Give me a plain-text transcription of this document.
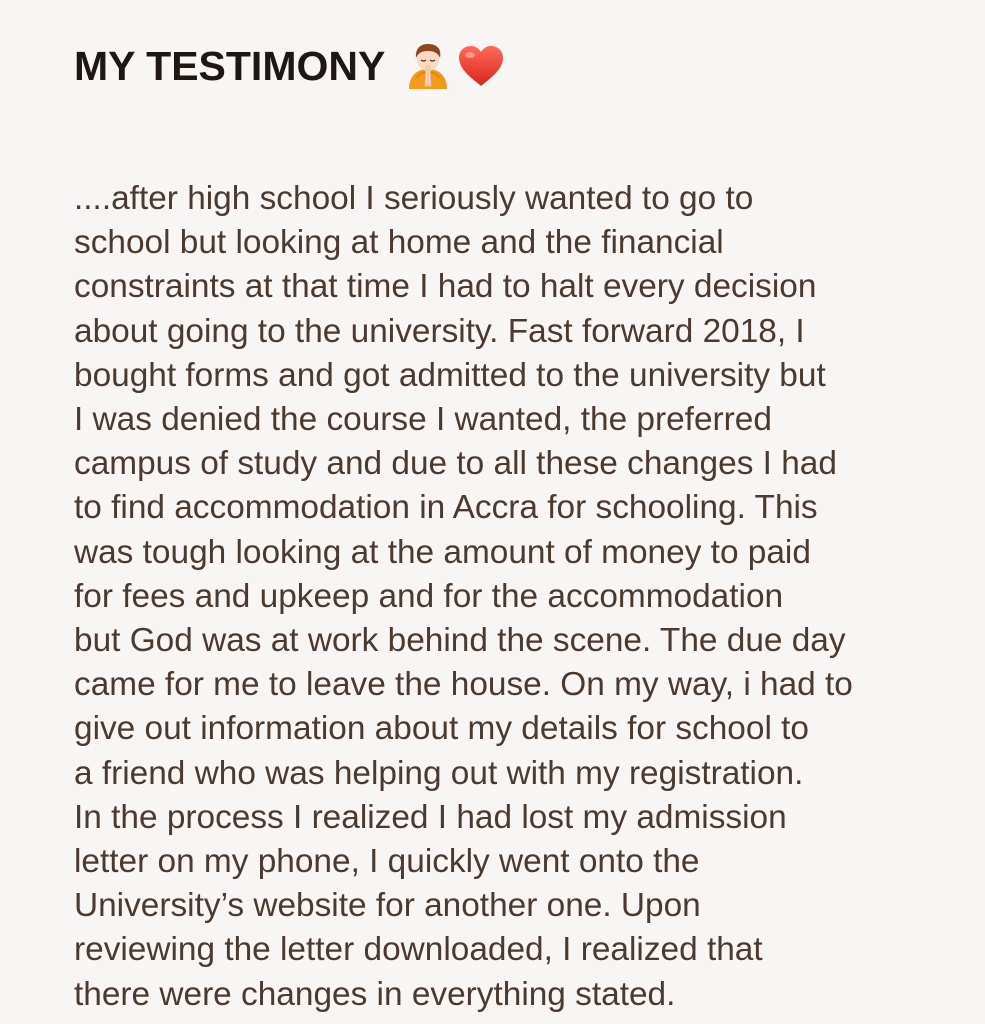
MY TESTIMONY
....after high school I seriously wanted to go to
school but looking at home and the financial
constraints at that time I had to halt every decision
about going to the university. Fast forward 2018, I
bought forms and got admitted to the university but
I was denied the course I wanted, the preferred
campus of study and due to all these changes I had
to find accommodation in Accra for schooling. This
was tough looking at the amount of money to paid
for fees and upkeep and for the accommodation
but God was at work behind the scene. The due day
came for me to leave the house. On my way, i had to
give out information about my details for school to
a friend who was helping out with my registration.
In the process I realized I had lost my admission
letter on my phone, I quickly went onto the
University’s website for another one. Upon
reviewing the letter downloaded, I realized that
there were changes in everything stated.
